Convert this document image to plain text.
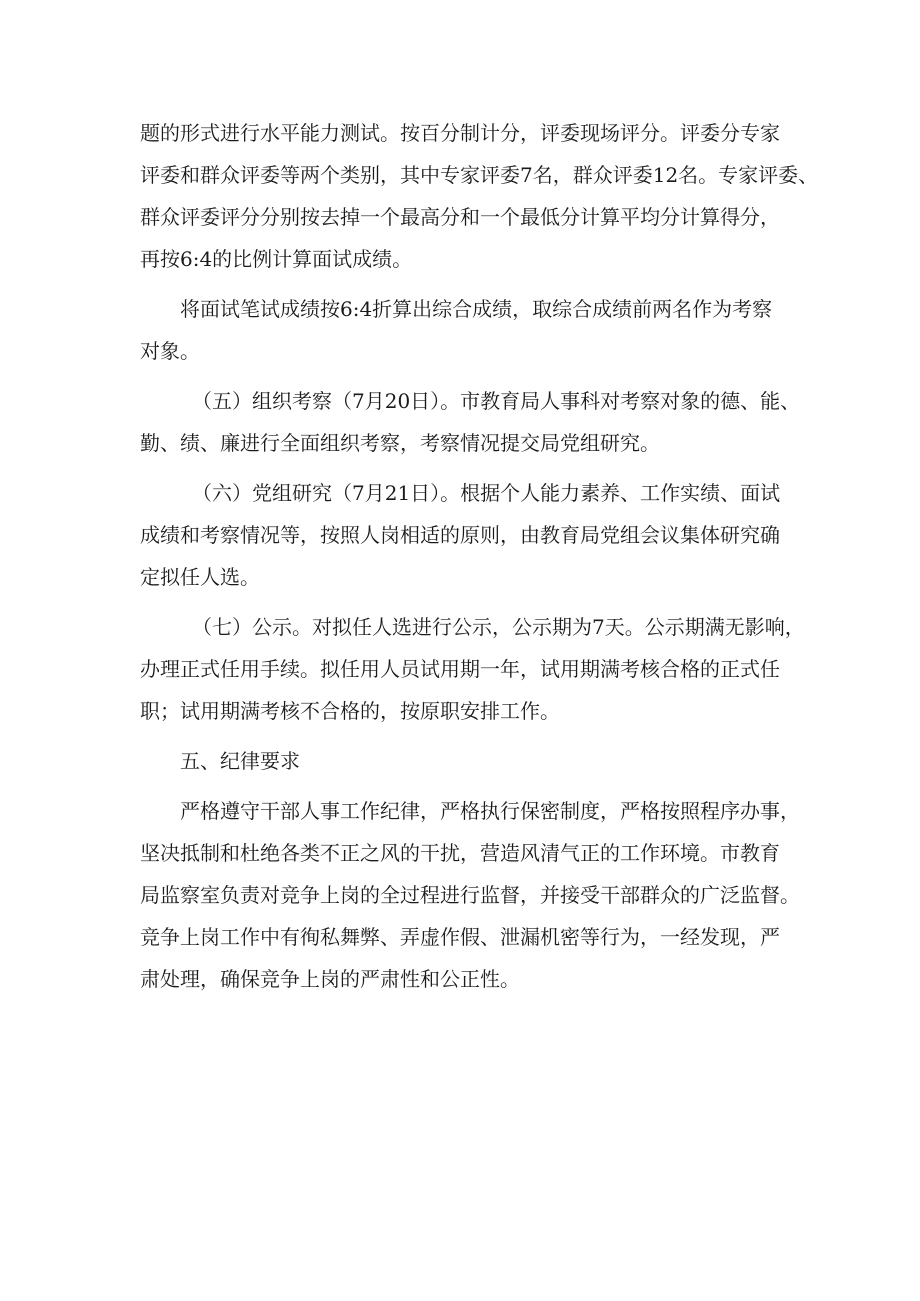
题的形式进行水平能力测试。按百分制计分，评委现场评分。评委分专家
评委和群众评委等两个类别，其中专家评委7名，群众评委12名。专家评委、
群众评委评分分别按去掉一个最高分和一个最低分计算平均分计算得分，
再按6:4的比例计算面试成绩。

将面试笔试成绩按6:4折算出综合成绩，取综合成绩前两名作为考察
对象。

（五）组织考察（7月20日）。市教育局人事科对考察对象的德、能、
勤、绩、廉进行全面组织考察，考察情况提交局党组研究。

（六）党组研究（7月21日）。根据个人能力素养、工作实绩、面试
成绩和考察情况等，按照人岗相适的原则，由教育局党组会议集体研究确
定拟任人选。

（七）公示。对拟任人选进行公示，公示期为7天。公示期满无影响，
办理正式任用手续。拟任用人员试用期一年，试用期满考核合格的正式任
职；试用期满考核不合格的，按原职安排工作。

五、纪律要求

严格遵守干部人事工作纪律，严格执行保密制度，严格按照程序办事，
坚决抵制和杜绝各类不正之风的干扰，营造风清气正的工作环境。市教育
局监察室负责对竞争上岗的全过程进行监督，并接受干部群众的广泛监督。
竞争上岗工作中有徇私舞弊、弄虚作假、泄漏机密等行为，一经发现，严
肃处理，确保竞争上岗的严肃性和公正性。
